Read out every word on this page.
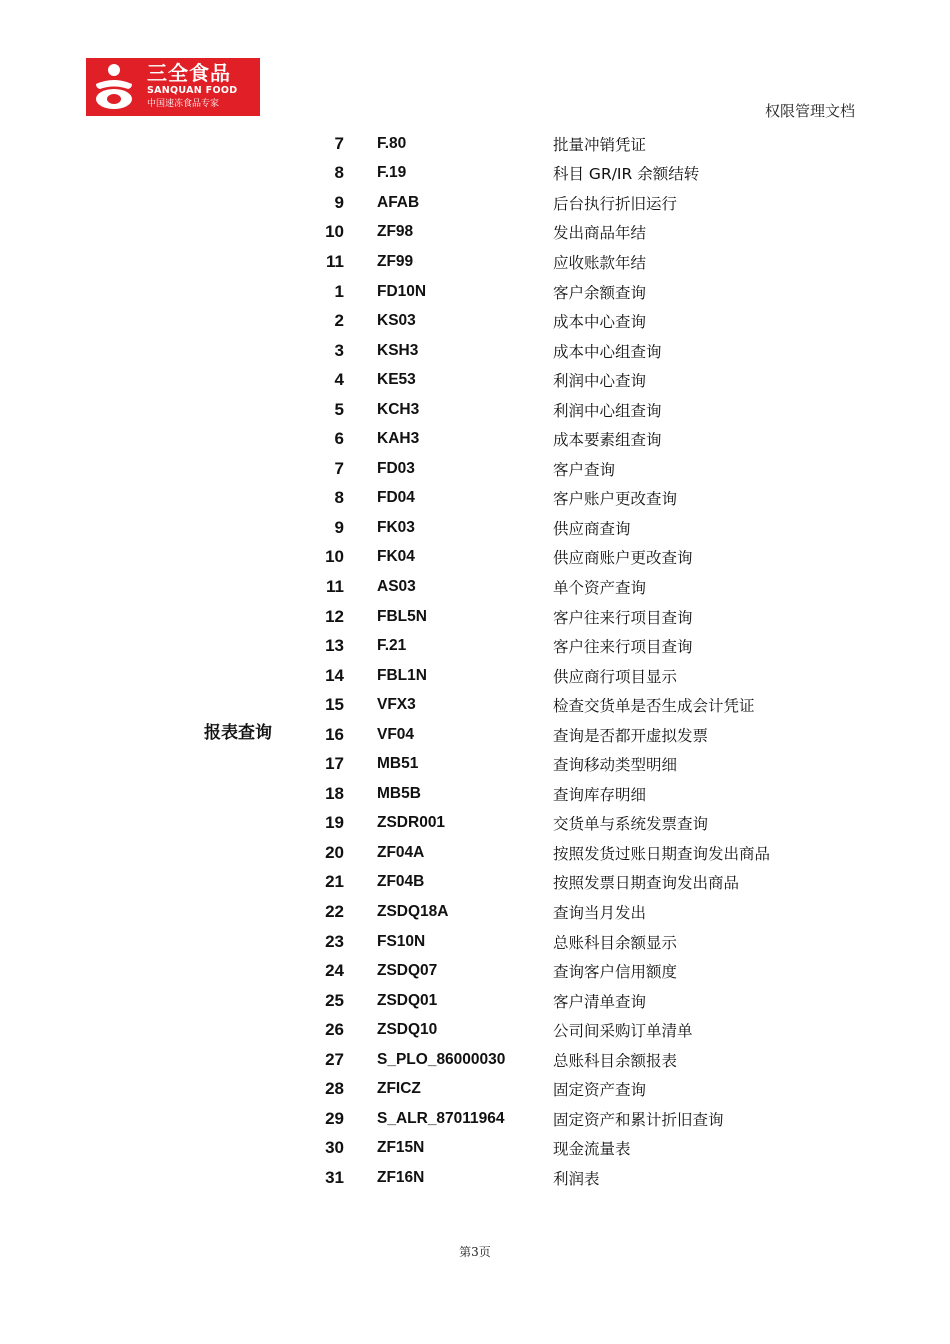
三全食品
SANQUAN FOOD
中国速冻食品专家	权限管理文档
报表查询
7	F.80	批量冲销凭证
8	F.19	科目 GR/IR 余额结转
9	AFAB	后台执行折旧运行
10	ZF98	发出商品年结
11	ZF99	应收账款年结
1	FD10N	客户余额查询
2	KS03	成本中心查询
3	KSH3	成本中心组查询
4	KE53	利润中心查询
5	KCH3	利润中心组查询
6	KAH3	成本要素组查询
7	FD03	客户查询
8	FD04	客户账户更改查询
9	FK03	供应商查询
10	FK04	供应商账户更改查询
11	AS03	单个资产查询
12	FBL5N	客户往来行项目查询
13	F.21	客户往来行项目查询
14	FBL1N	供应商行项目显示
15	VFX3	检查交货单是否生成会计凭证
16	VF04	查询是否都开虚拟发票
17	MB51	查询移动类型明细
18	MB5B	查询库存明细
19	ZSDR001	交货单与系统发票查询
20	ZF04A	按照发货过账日期查询发出商品
21	ZF04B	按照发票日期查询发出商品
22	ZSDQ18A	查询当月发出
23	FS10N	总账科目余额显示
24	ZSDQ07	查询客户信用额度
25	ZSDQ01	客户清单查询
26	ZSDQ10	公司间采购订单清单
27	S_PLO_86000030	总账科目余额报表
28	ZFICZ	固定资产查询
29	S_ALR_87011964	固定资产和累计折旧查询
30	ZF15N	现金流量表
31	ZF16N	利润表
第3页
